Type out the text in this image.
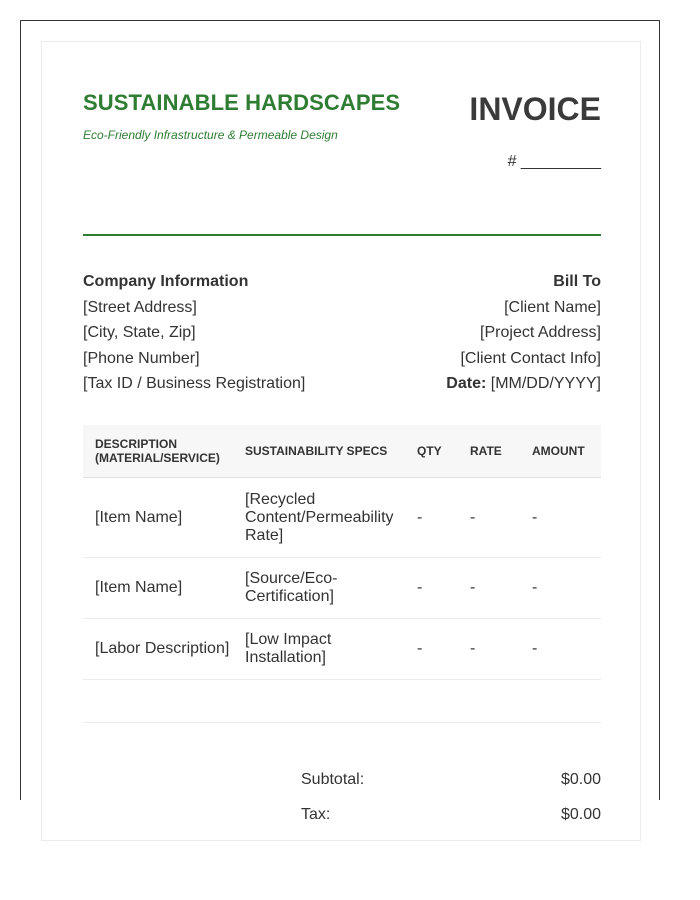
SUSTAINABLE HARDSCAPES
Eco-Friendly Infrastructure & Permeable Design
INVOICE
# _________
Company Information
[Street Address]
[City, State, Zip]
[Phone Number]
[Tax ID / Business Registration]
Bill To
[Client Name]
[Project Address]
[Client Contact Info]
Date: [MM/DD/YYYY]
DESCRIPTION (MATERIAL/SERVICE)	SUSTAINABILITY SPECS	QTY	RATE	AMOUNT
[Item Name]	[Recycled Content/Permeability Rate]	-	-	-
[Item Name]	[Source/Eco-Certification]	-	-	-
[Labor Description]	[Low Impact Installation]	-	-	-
Subtotal:	$0.00
Tax:	$0.00
